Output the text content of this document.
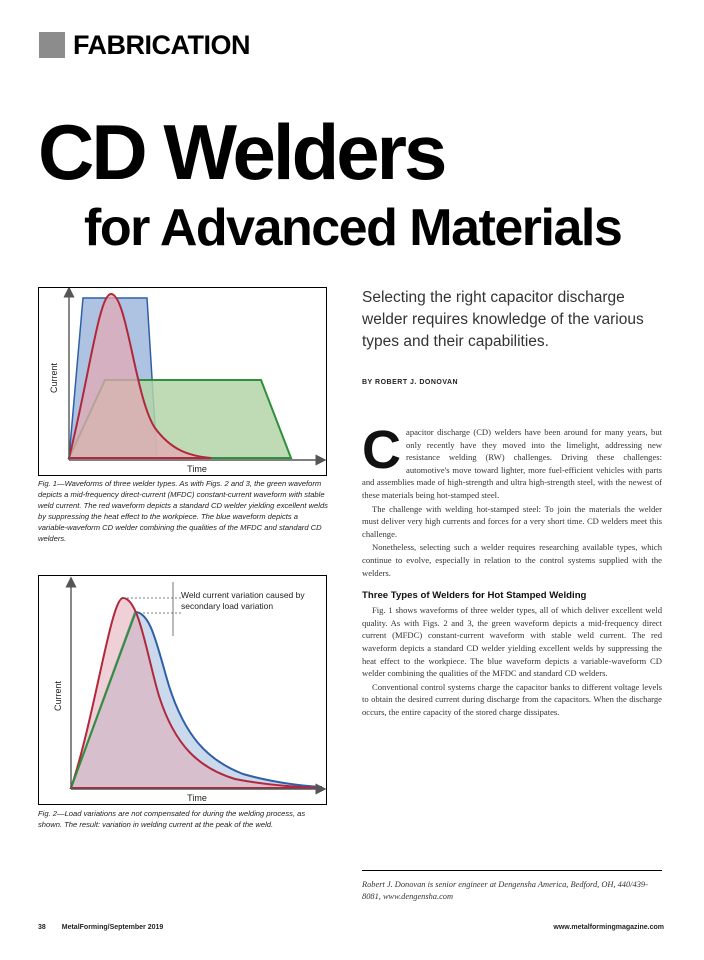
FABRICATION
CD Welders
for Advanced Materials
Current
Time

Fig. 1—Waveforms of three welder types. As with Figs. 2 and 3, the green waveform depicts a mid-frequency direct-current (MFDC) constant-current waveform with stable weld current. The red waveform depicts a standard CD welder yielding excellent welds by suppressing the heat effect to the workpiece. The blue waveform depicts a variable-waveform CD welder combining the qualities of the MFDC and standard CD welders.

Current
Time
Weld current variation caused by secondary load variation

Fig. 2—Load variations are not compensated for during the welding process, as shown. The result: variation in welding current at the peak of the weld.

Selecting the right capacitor discharge welder requires knowledge of the various types and their capabilities.

BY ROBERT J. DONOVAN

Capacitor discharge (CD) welders have been around for many years, but only recently have they moved into the limelight, addressing new resistance welding (RW) challenges. Driving these challenges: automotive's move toward lighter, more fuel-efficient vehicles with parts and assemblies made of high-strength and ultra high-strength steel, with the newest of these materials being hot-stamped steel.

The challenge with welding hot-stamped steel: To join the materials the welder must deliver very high currents and forces for a very short time. CD welders meet this challenge.

Nonetheless, selecting such a welder requires researching available types, which continue to evolve, especially in relation to the control systems supplied with the welders.

Three Types of Welders for Hot Stamped Welding

Fig. 1 shows waveforms of three welder types, all of which deliver excellent weld quality. As with Figs. 2 and 3, the green waveform depicts a mid-frequency direct current (MFDC) constant-current waveform with stable weld current. The red waveform depicts a standard CD welder yielding excellent welds by suppressing the heat effect to the workpiece. The blue waveform depicts a variable-waveform CD welder combining the qualities of the MFDC and standard CD welders.

Conventional control systems charge the capacitor banks to different voltage levels to obtain the desired current during discharge from the capacitors. When the discharge occurs, the entire capacity of the stored charge dissipates.

Robert J. Donovan is senior engineer at Dengensha America, Bedford, OH, 440/439-8081, www.dengensha.com

38 MetalForming/September 2019	www.metalformingmagazine.com
